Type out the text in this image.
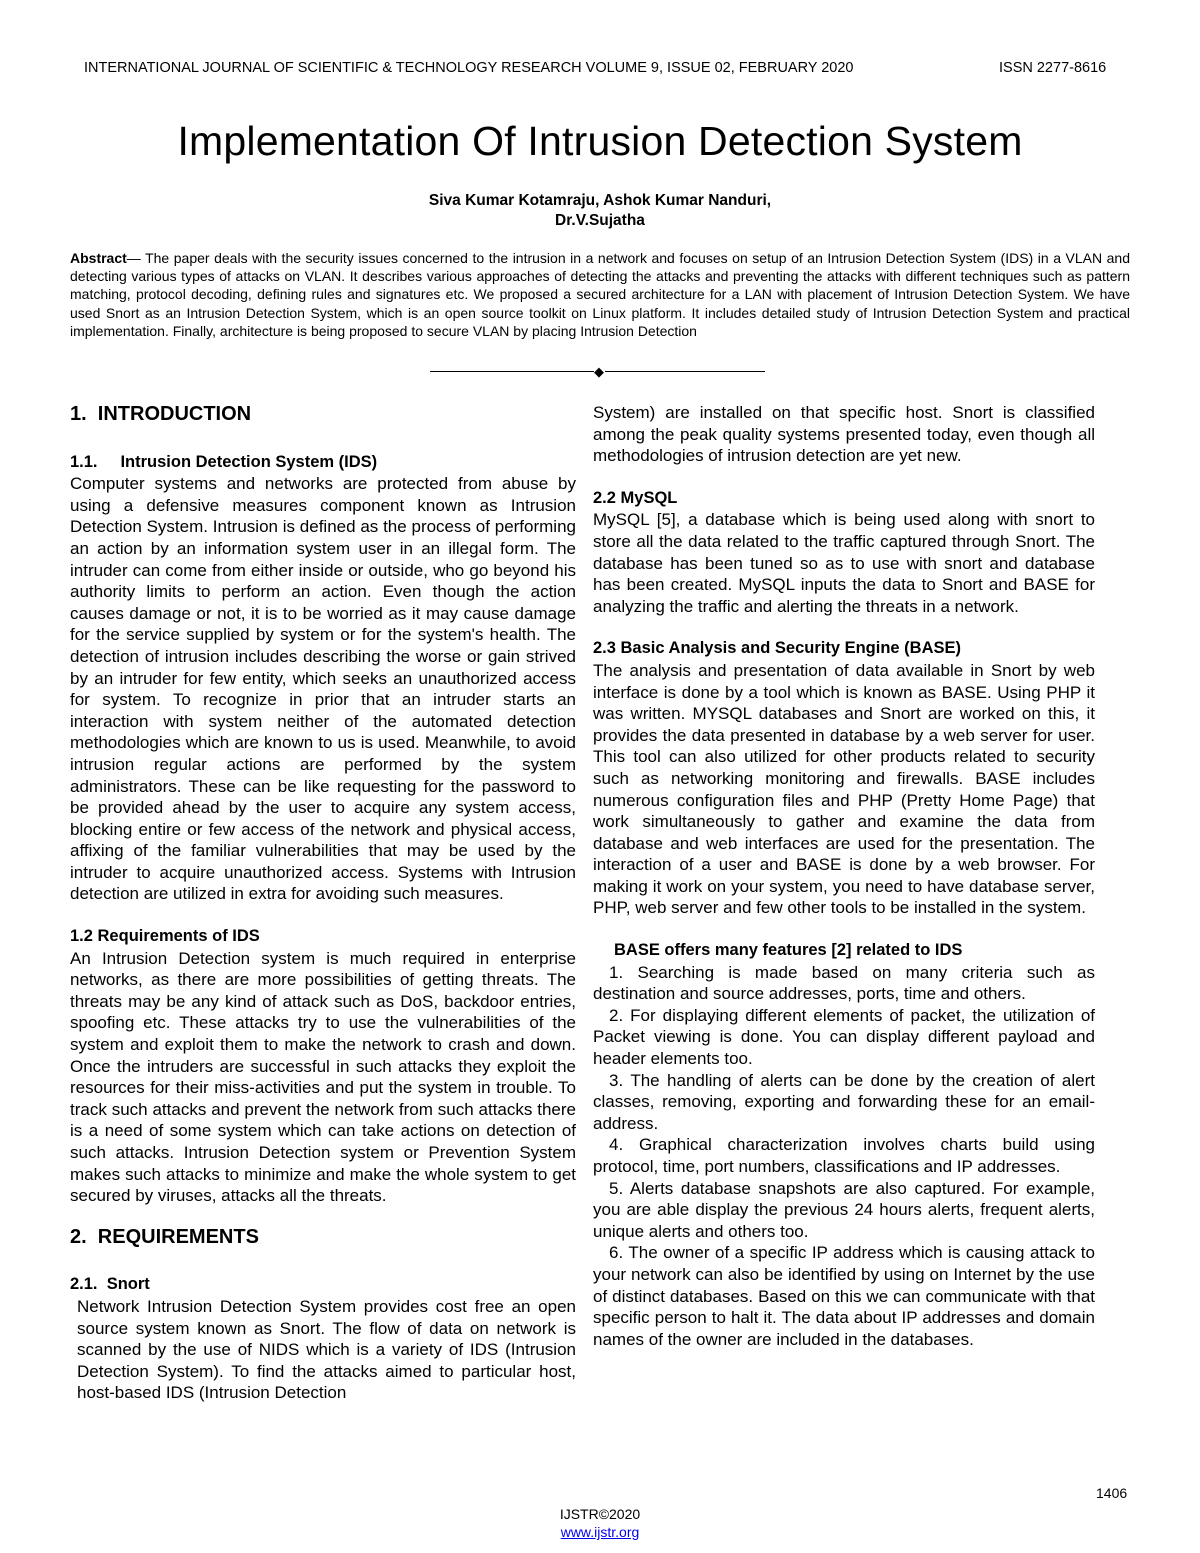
INTERNATIONAL JOURNAL OF SCIENTIFIC & TECHNOLOGY RESEARCH VOLUME 9, ISSUE 02, FEBRUARY 2020	ISSN 2277-8616
Implementation Of Intrusion Detection System
Siva Kumar Kotamraju, Ashok Kumar Nanduri,
Dr.V.Sujatha

Abstract— The paper deals with the security issues concerned to the intrusion in a network and focuses on setup of an Intrusion Detection System (IDS) in a VLAN and detecting various types of attacks on VLAN. It describes various approaches of detecting the attacks and preventing the attacks with different techniques such as pattern matching, protocol decoding, defining rules and signatures etc. We proposed a secured architecture for a LAN with placement of Intrusion Detection System. We have used Snort as an Intrusion Detection System, which is an open source toolkit on Linux platform. It includes detailed study of Intrusion Detection System and practical implementation. Finally, architecture is being proposed to secure VLAN by placing Intrusion Detection

◆

1.  INTRODUCTION

1.1.     Intrusion Detection System (IDS)

Computer systems and networks are protected from abuse by using a defensive measures component known as Intrusion Detection System. Intrusion is defined as the process of performing an action by an information system user in an illegal form. The intruder can come from either inside or outside, who go beyond his authority limits to perform an action. Even though the action causes damage or not, it is to be worried as it may cause damage for the service supplied by system or for the system's health. The detection of intrusion includes describing the worse or gain strived by an intruder for few entity, which seeks an unauthorized access for system. To recognize in prior that an intruder starts an interaction with system neither of the automated detection methodologies which are known to us is used. Meanwhile, to avoid intrusion regular actions are performed by the system administrators. These can be like requesting for the password to be provided ahead by the user to acquire any system access, blocking entire or few access of the network and physical access, affixing of the familiar vulnerabilities that may be used by the intruder to acquire unauthorized access. Systems with Intrusion detection are utilized in extra for avoiding such measures.

1.2 Requirements of IDS

An Intrusion Detection system is much required in enterprise networks, as there are more possibilities of getting threats. The threats may be any kind of attack such as DoS, backdoor entries, spoofing etc. These attacks try to use the vulnerabilities of the system and exploit them to make the network to crash and down. Once the intruders are successful in such attacks they exploit the resources for their miss-activities and put the system in trouble. To track such attacks and prevent the network from such attacks there is a need of some system which can take actions on detection of such attacks. Intrusion Detection system or Prevention System makes such attacks to minimize and make the whole system to get secured by viruses, attacks all the threats.

2.  REQUIREMENTS

2.1.  Snort

Network Intrusion Detection System provides cost free an open source system known as Snort. The flow of data on network is scanned by the use of NIDS which is a variety of IDS (Intrusion Detection System). To find the attacks aimed to particular host, host-based IDS (Intrusion Detection

System) are installed on that specific host. Snort is classified among the peak quality systems presented today, even though all methodologies of intrusion detection are yet new.

2.2 MySQL

MySQL [5], a database which is being used along with snort to store all the data related to the traffic captured through Snort. The database has been tuned so as to use with snort and database has been created. MySQL inputs the data to Snort and BASE for analyzing the traffic and alerting the threats in a network.

2.3 Basic Analysis and Security Engine (BASE)

The analysis and presentation of data available in Snort by web interface is done by a tool which is known as BASE. Using PHP it was written. MYSQL databases and Snort are worked on this, it provides the data presented in database by a web server for user. This tool can also utilized for other products related to security such as networking monitoring and firewalls. BASE includes numerous configuration files and PHP (Pretty Home Page) that work simultaneously to gather and examine the data from database and web interfaces are used for the presentation. The interaction of a user and BASE is done by a web browser. For making it work on your system, you need to have database server, PHP, web server and few other tools to be installed in the system.

BASE offers many features [2] related to IDS

1. Searching is made based on many criteria such as destination and source addresses, ports, time and others.

2. For displaying different elements of packet, the utilization of Packet viewing is done. You can display different payload and header elements too.

3. The handling of alerts can be done by the creation of alert classes, removing, exporting and forwarding these for an email-address.

4. Graphical characterization involves charts build using protocol, time, port numbers, classifications and IP addresses.

5. Alerts database snapshots are also captured. For example, you are able display the previous 24 hours alerts, frequent alerts, unique alerts and others too.

6. The owner of a specific IP address which is causing attack to your network can also be identified by using on Internet by the use of distinct databases. Based on this we can communicate with that specific person to halt it. The data about IP addresses and domain names of the owner are included in the databases.

1406
IJSTR©2020
www.ijstr.org
